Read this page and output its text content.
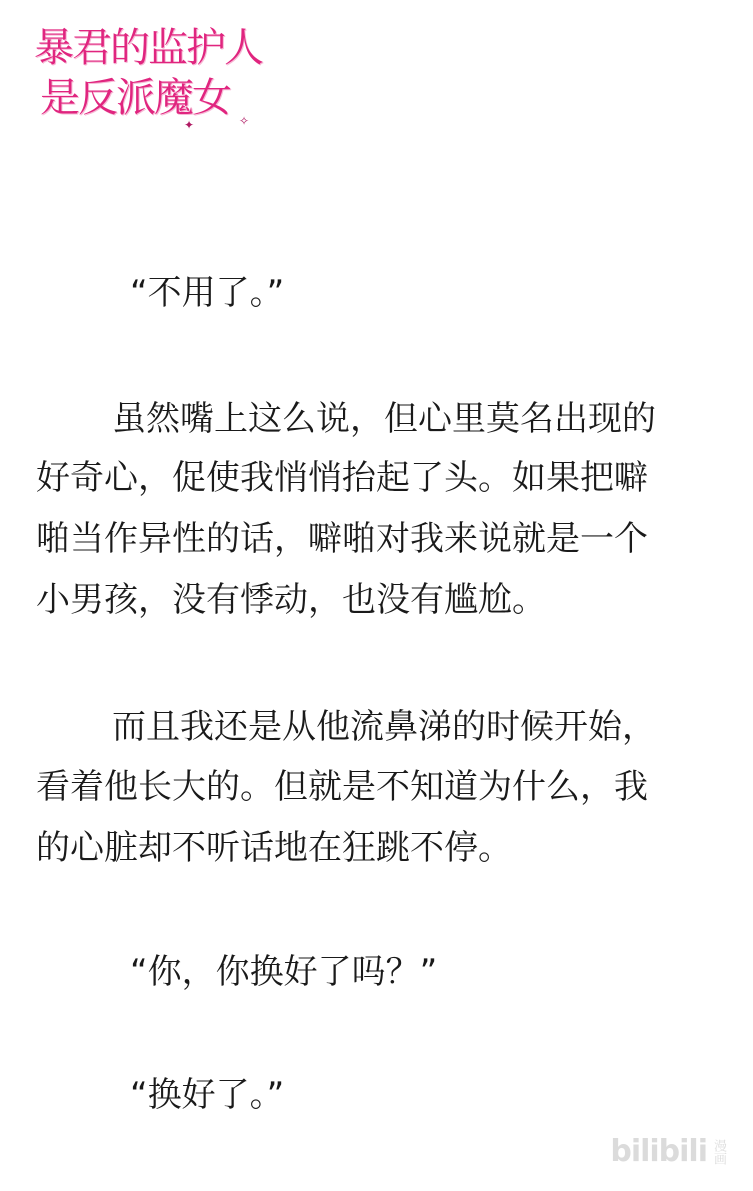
暴君的监护人
是反派魔女
✦	✧
“不用了。”
虽然嘴上这么说，但心里莫名出现的
好奇心，促使我悄悄抬起了头。如果把噼
啪当作异性的话，噼啪对我来说就是一个
小男孩，没有悸动，也没有尴尬。
而且我还是从他流鼻涕的时候开始，
看着他长大的。但就是不知道为什么，我
的心脏却不听话地在狂跳不停。
“你，你换好了吗？”
“换好了。”
bilibili 漫画
